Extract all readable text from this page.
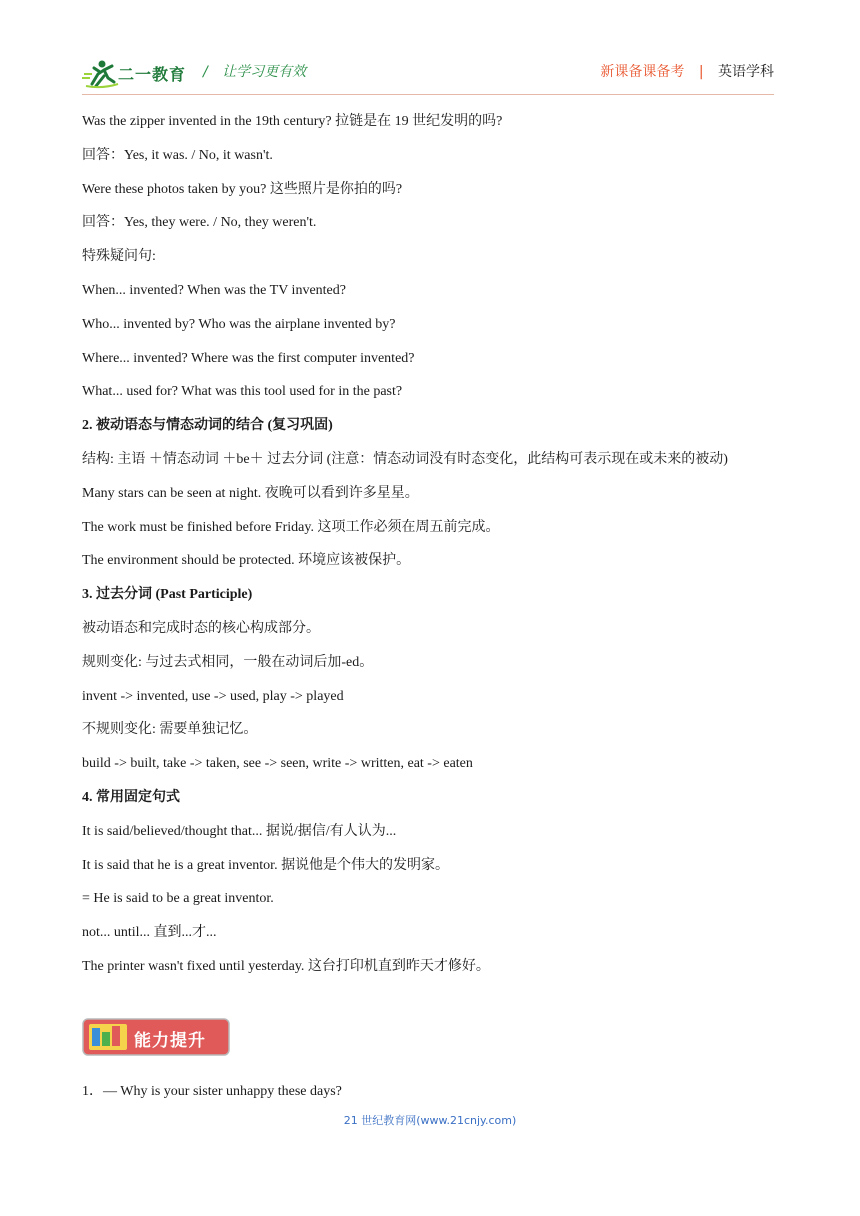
二一教育 / 让学习更有效	新课备课备考 | 英语学科
Was the zipper invented in the 19th century? 拉链是在 19 世纪发明的吗?
回答：Yes, it was. / No, it wasn't.
Were these photos taken by you? 这些照片是你拍的吗?
回答：Yes, they were. / No, they weren't.
特殊疑问句:
When... invented? When was the TV invented?
Who... invented by? Who was the airplane invented by?
Where... invented? Where was the first computer invented?
What... used for? What was this tool used for in the past?
2. 被动语态与情态动词的结合 (复习巩固)
结构: 主语 ＋情态动词 ＋be＋ 过去分词 (注意：情态动词没有时态变化，此结构可表示现在或未来的被动)
Many stars can be seen at night. 夜晚可以看到许多星星。
The work must be finished before Friday. 这项工作必须在周五前完成。
The environment should be protected. 环境应该被保护。
3. 过去分词 (Past Participle)
被动语态和完成时态的核心构成部分。
规则变化: 与过去式相同，一般在动词后加-ed。
invent -> invented, use -> used, play -> played
不规则变化: 需要单独记忆。
build -> built, take -> taken, see -> seen, write -> written, eat -> eaten
4. 常用固定句式
It is said/believed/thought that... 据说/据信/有人认为...
It is said that he is a great inventor. 据说他是个伟大的发明家。
= He is said to be a great inventor.
not... until... 直到...才...
The printer wasn't fixed until yesterday. 这台打印机直到昨天才修好。
能力提升
1．— Why is your sister unhappy these days?
21 世纪教育网(www.21cnjy.com)
